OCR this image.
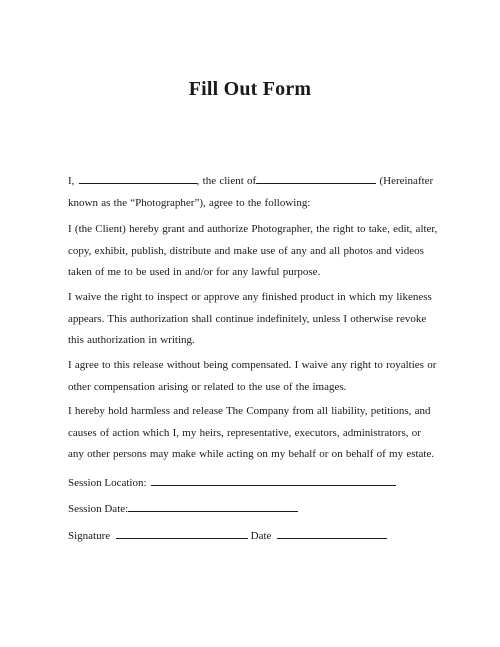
Fill Out Form

I,	, the client of	(Hereinafter known as the “Photographer”), agree to the following:

I (the Client) hereby grant and authorize Photographer, the right to take, edit, alter, copy, exhibit, publish, distribute and make use of any and all photos and videos taken of me to be used in and/or for any lawful purpose.

I waive the right to inspect or approve any finished product in which my likeness appears. This authorization shall continue indefinitely, unless I otherwise revoke this authorization in writing.

I agree to this release without being compensated. I waive any right to royalties or other compensation arising or related to the use of the images.

I hereby hold harmless and release The Company from all liability, petitions, and causes of action which I, my heirs, representative, executors, administrators, or any other persons may make while acting on my behalf or on behalf of my estate.

Session Location:
Session Date:
Signature	Date
